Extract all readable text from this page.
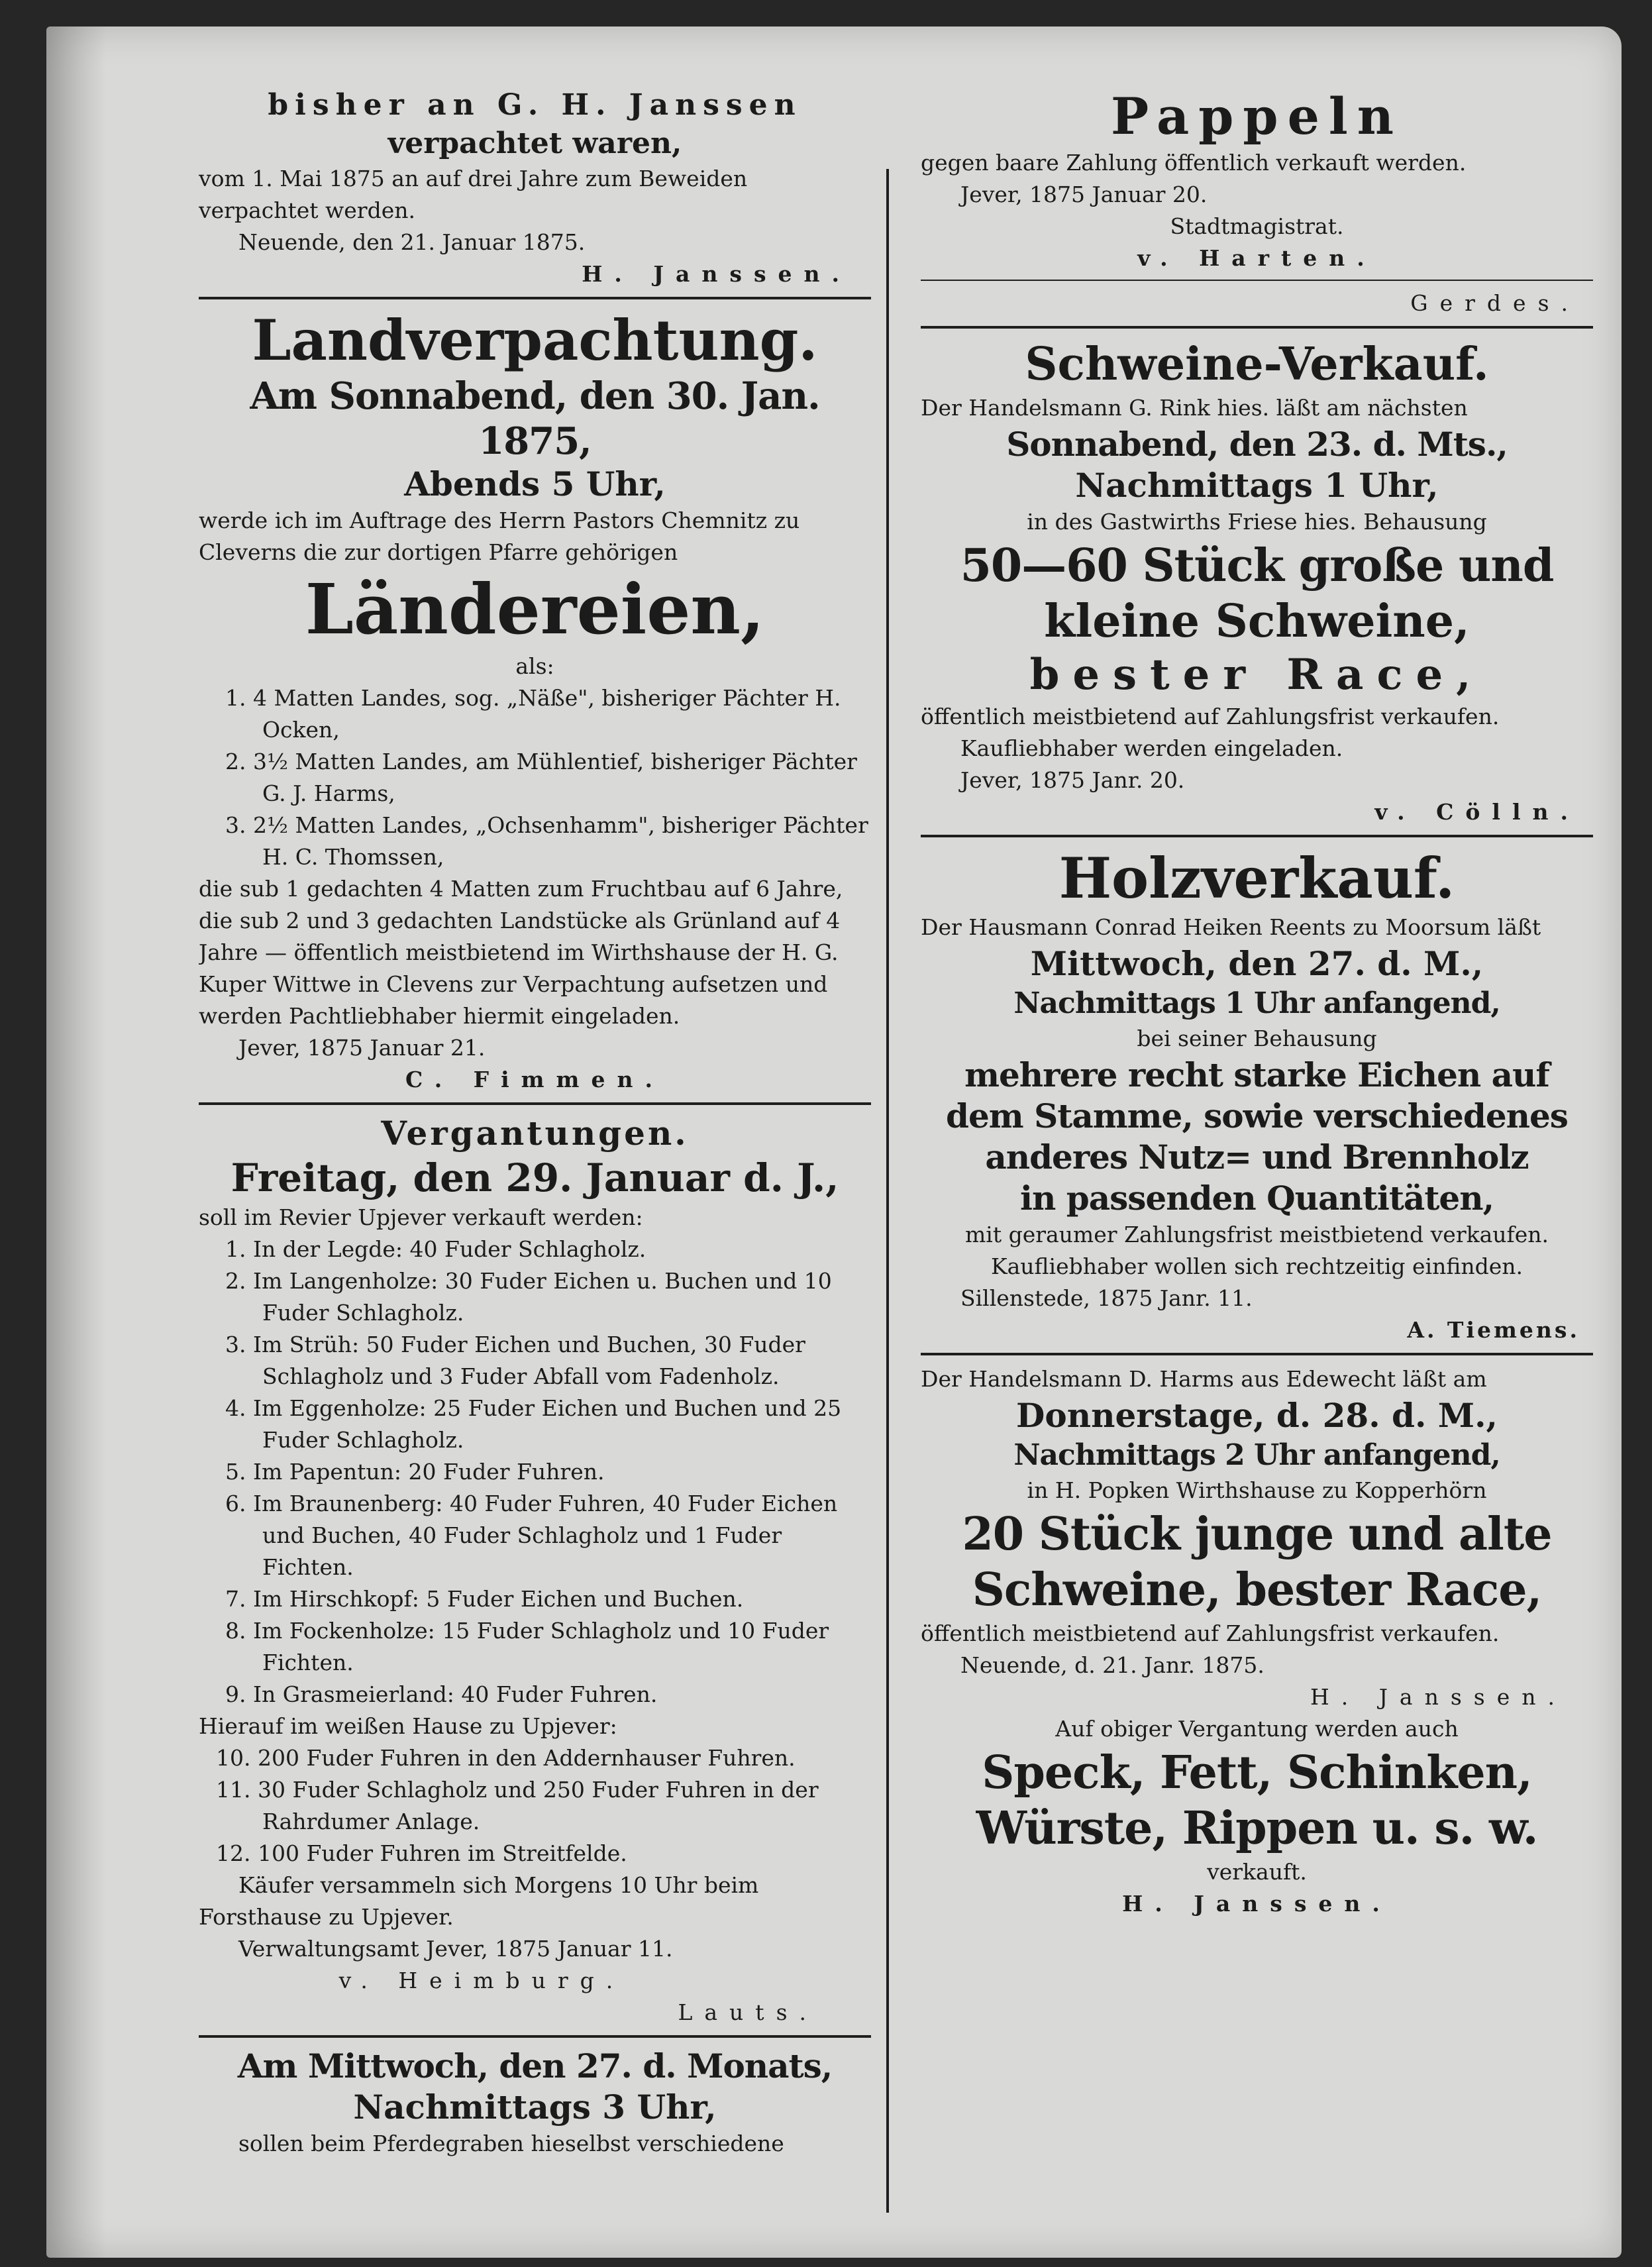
bisher an G. H. Janssen

verpachtet waren,

vom 1. Mai 1875 an auf drei Jahre zum Beweiden verpachtet werden.

Neuende, den 21. Januar 1875.

H. Janssen.

Landverpachtung.

Am Sonnabend, den 30. Jan. 1875,

Abends 5 Uhr,

werde ich im Auftrage des Herrn Pastors Chemnitz zu Cleverns die zur dortigen Pfarre gehörigen

Ländereien,

als:

1. 4 Matten Landes, sog. „Näße", bisheriger Pächter H. Ocken,

2. 3½ Matten Landes, am Mühlentief, bisheriger Pächter G. J. Harms,

3. 2½ Matten Landes, „Ochsenhamm", bisheriger Pächter H. C. Thomssen,

die sub 1 gedachten 4 Matten zum Fruchtbau auf 6 Jahre, die sub 2 und 3 gedachten Landstücke als Grünland auf 4 Jahre — öffentlich meistbietend im Wirthshause der H. G. Kuper Wittwe in Clevens zur Verpachtung aufsetzen und werden Pachtliebhaber hiermit eingeladen.

Jever, 1875 Januar 21.

C. Fimmen.

Vergantungen.

Freitag, den 29. Januar d. J.,

soll im Revier Upjever verkauft werden:

1. In der Legde: 40 Fuder Schlagholz.

2. Im Langenholze: 30 Fuder Eichen u. Buchen und 10 Fuder Schlagholz.

3. Im Strüh: 50 Fuder Eichen und Buchen, 30 Fuder Schlagholz und 3 Fuder Abfall vom Fadenholz.

4. Im Eggenholze: 25 Fuder Eichen und Buchen und 25 Fuder Schlagholz.

5. Im Papentun: 20 Fuder Fuhren.

6. Im Braunenberg: 40 Fuder Fuhren, 40 Fuder Eichen und Buchen, 40 Fuder Schlagholz und 1 Fuder Fichten.

7. Im Hirschkopf: 5 Fuder Eichen und Buchen.

8. Im Fockenholze: 15 Fuder Schlagholz und 10 Fuder Fichten.

9. In Grasmeierland: 40 Fuder Fuhren.

Hierauf im weißen Hause zu Upjever:

10. 200 Fuder Fuhren in den Addernhauser Fuhren.

11. 30 Fuder Schlagholz und 250 Fuder Fuhren in der Rahrdumer Anlage.

12. 100 Fuder Fuhren im Streitfelde.

Käufer versammeln sich Morgens 10 Uhr beim Forsthause zu Upjever.

Verwaltungsamt Jever, 1875 Januar 11.

v. Heimburg.

Lauts.

Am Mittwoch, den 27. d. Monats,

Nachmittags 3 Uhr,

sollen beim Pferdegraben hieselbst verschiedene

Pappeln

gegen baare Zahlung öffentlich verkauft werden.

Jever, 1875 Januar 20.

Stadtmagistrat.

v. Harten.

Gerdes.

Schweine-Verkauf.

Der Handelsmann G. Rink hies. läßt am nächsten

Sonnabend, den 23. d. Mts.,

Nachmittags 1 Uhr,

in des Gastwirths Friese hies. Behausung

50—60 Stück große und

kleine Schweine,

bester Race,

öffentlich meistbietend auf Zahlungsfrist verkaufen.

Kaufliebhaber werden eingeladen.

Jever, 1875 Janr. 20.

v. Cölln.

Holzverkauf.

Der Hausmann Conrad Heiken Reents zu Moorsum läßt

Mittwoch, den 27. d. M.,

Nachmittags 1 Uhr anfangend,

bei seiner Behausung

mehrere recht starke Eichen auf

dem Stamme, sowie verschiedenes

anderes Nutz= und Brennholz

in passenden Quantitäten,

mit geraumer Zahlungsfrist meistbietend verkaufen.

Kaufliebhaber wollen sich rechtzeitig einfinden.

Sillenstede, 1875 Janr. 11.

A. Tiemens.

Der Handelsmann D. Harms aus Edewecht läßt am

Donnerstage, d. 28. d. M.,

Nachmittags 2 Uhr anfangend,

in H. Popken Wirthshause zu Kopperhörn

20 Stück junge und alte

Schweine, bester Race,

öffentlich meistbietend auf Zahlungsfrist verkaufen.

Neuende, d. 21. Janr. 1875.

H. Janssen.

Auf obiger Vergantung werden auch

Speck, Fett, Schinken,

Würste, Rippen u. s. w.

verkauft.

H. Janssen.
